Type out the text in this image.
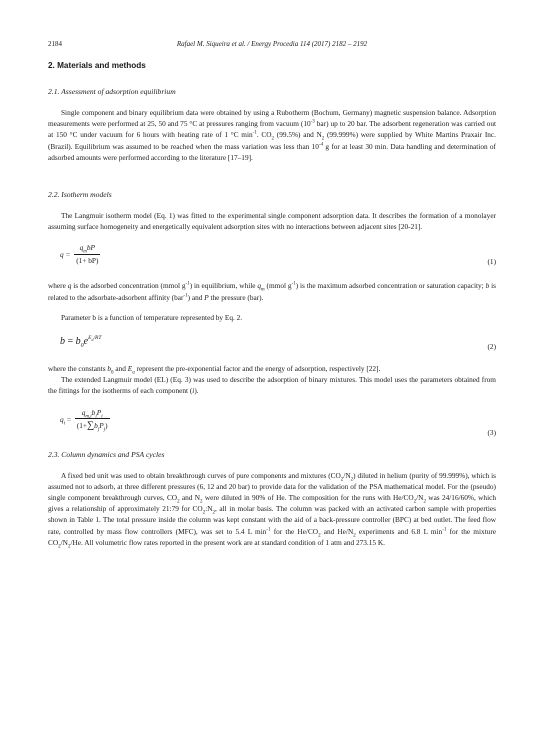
2184	Rafael M. Siqueira et al. / Energy Procedia 114 (2017) 2182 – 2192
2. Materials and methods
2.1. Assessment of adsorption equilibrium

Single component and binary equilibrium data were obtained by using a Rubotherm (Bochum, Germany) magnetic suspension balance. Adsorption measurements were performed at 25, 50 and 75 °C at pressures ranging from vacuum ($10^{-3}$ bar) up to 20 bar. The adsorbent regeneration was carried out at 150 °C under vacuum for 6 hours with heating rate of 1 °C $\min^{-1}$. $CO_2$ (99.5%) and $N_2$ (99.999%) were supplied by White Martins Praxair Inc. (Brazil). Equilibrium was assumed to be reached when the mass variation was less than $10^{-4}$ g for at least 30 min. Data handling and determination of adsorbed amounts were performed according to the literature [17–19].

2.2. Isotherm models

The Langmuir isotherm model (Eq. 1) was fitted to the experimental single component adsorption data. It describes the formation of a monolayer assuming surface homogeneity and energetically equivalent adsorption sites with no interactions between adjacent sites [20-21].

$q = \frac{q_mbP}{(1+ bP)}$	(1)

where q is the adsorbed concentration (mmol $g^{-1}$) in equilibrium, while $q_m$ (mmol $g^{-1}$) is the maximum adsorbed concentration or saturation capacity; b is related to the adsorbate-adsorbent affinity (bar$^{-1}$) and P the pressure (bar).

Parameter b is a function of temperature represented by Eq. 2.

$b = b_0e^{E_a/RT}$
(2)

where the constants $b_0$ and $E_a$ represent the pre-exponential factor and the energy of adsorption, respectively [22].

The extended Langmuir model (EL) (Eq. 3) was used to describe the adsorption of binary mixtures. This model uses the parameters obtained from the fittings for the isotherms of each component (i).

$q_i = \frac{q_{m,i}b_iP_i}{(1+\sum b_jP_j)}$
(3)
2.3. Column dynamics and PSA cycles

A fixed bed unit was used to obtain breakthrough curves of pure components and mixtures $(CO_2/N_2)$ diluted in helium (purity of 99.999%), which is assumed not to adsorb, at three different pressures (6, 12 and 20 bar) to provide data for the validation of the PSA mathematical model. For the (pseudo) single component breakthrough curves, $CO_2$ and $N_2$ were diluted in 90% of He. The composition for the runs with $He/CO_2/N_2$ was 24/16/60%, which gives a relationship of approximately 21:79 for $CO_2:N_2$, all in molar basis. The column was packed with an activated carbon sample with properties shown in Table 1. The total pressure inside the column was kept constant with the aid of a back-pressure controller (BPC) at bed outlet. The feed flow rate, controlled by mass flow controllers (MFC), was set to 5.4 L $\min^{-1}$ for the $He/CO_2$ and $He/N_2$ experiments and 6.8 L $\min^{-1}$ for the mixture $CO_2/N_2/He$. All volumetric flow rates reported in the present work are at standard condition of 1 atm and 273.15 K.
